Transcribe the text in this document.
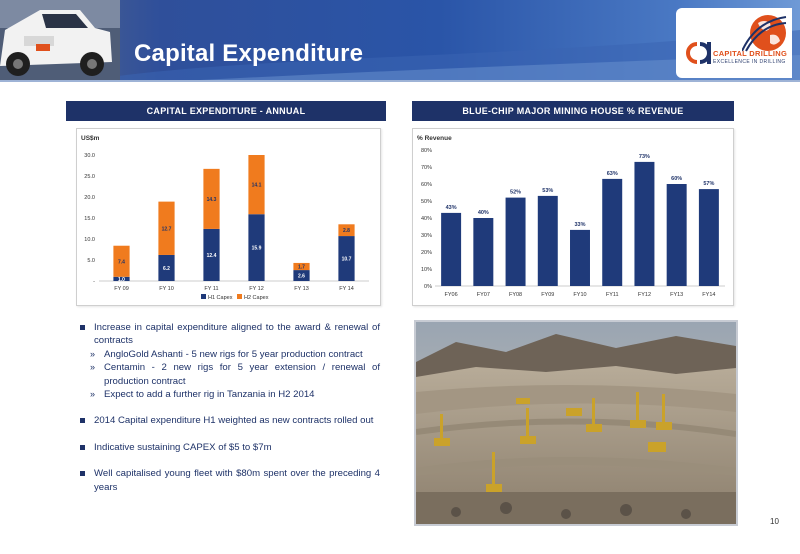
Capital Expenditure	CAPITAL DRILLING
EXCELLENCE IN DRILLING
CAPITAL EXPENDITURE - ANNUAL	BLUE-CHIP MAJOR MINING HOUSE % REVENUE
US$m
-
5.0
10.0
15.0
20.0
25.0
30.0
1.0
7.4
FY 09
6.2
12.7
FY 10
12.4
14.3
FY 11
15.9
14.1
FY 12
2.6
1.7
FY 13
10.7
2.8
FY 14
H1 Capex H2 Capex
% Revenue
0%
10%
20%
30%
40%
50%
60%
70%
80%
43%
FY06
40%
FY07
52%
FY08
53%
FY09
33%
FY10
63%
FY11
73%
FY12
60%
FY13
57%
FY14

Increase in capital expenditure aligned to the award & renewal of contracts

» AngloGold Ashanti - 5 new rigs for 5 year production contract

» Centamin - 2 new rigs for 5 year extension / renewal of production contract

» Expect to add a further rig in Tanzania in H2 2014

2014 Capital expenditure H1 weighted as new contracts rolled out

Indicative sustaining CAPEX of $5 to $7m

Well capitalised young fleet with $80m spent over the preceding 4 years

10
